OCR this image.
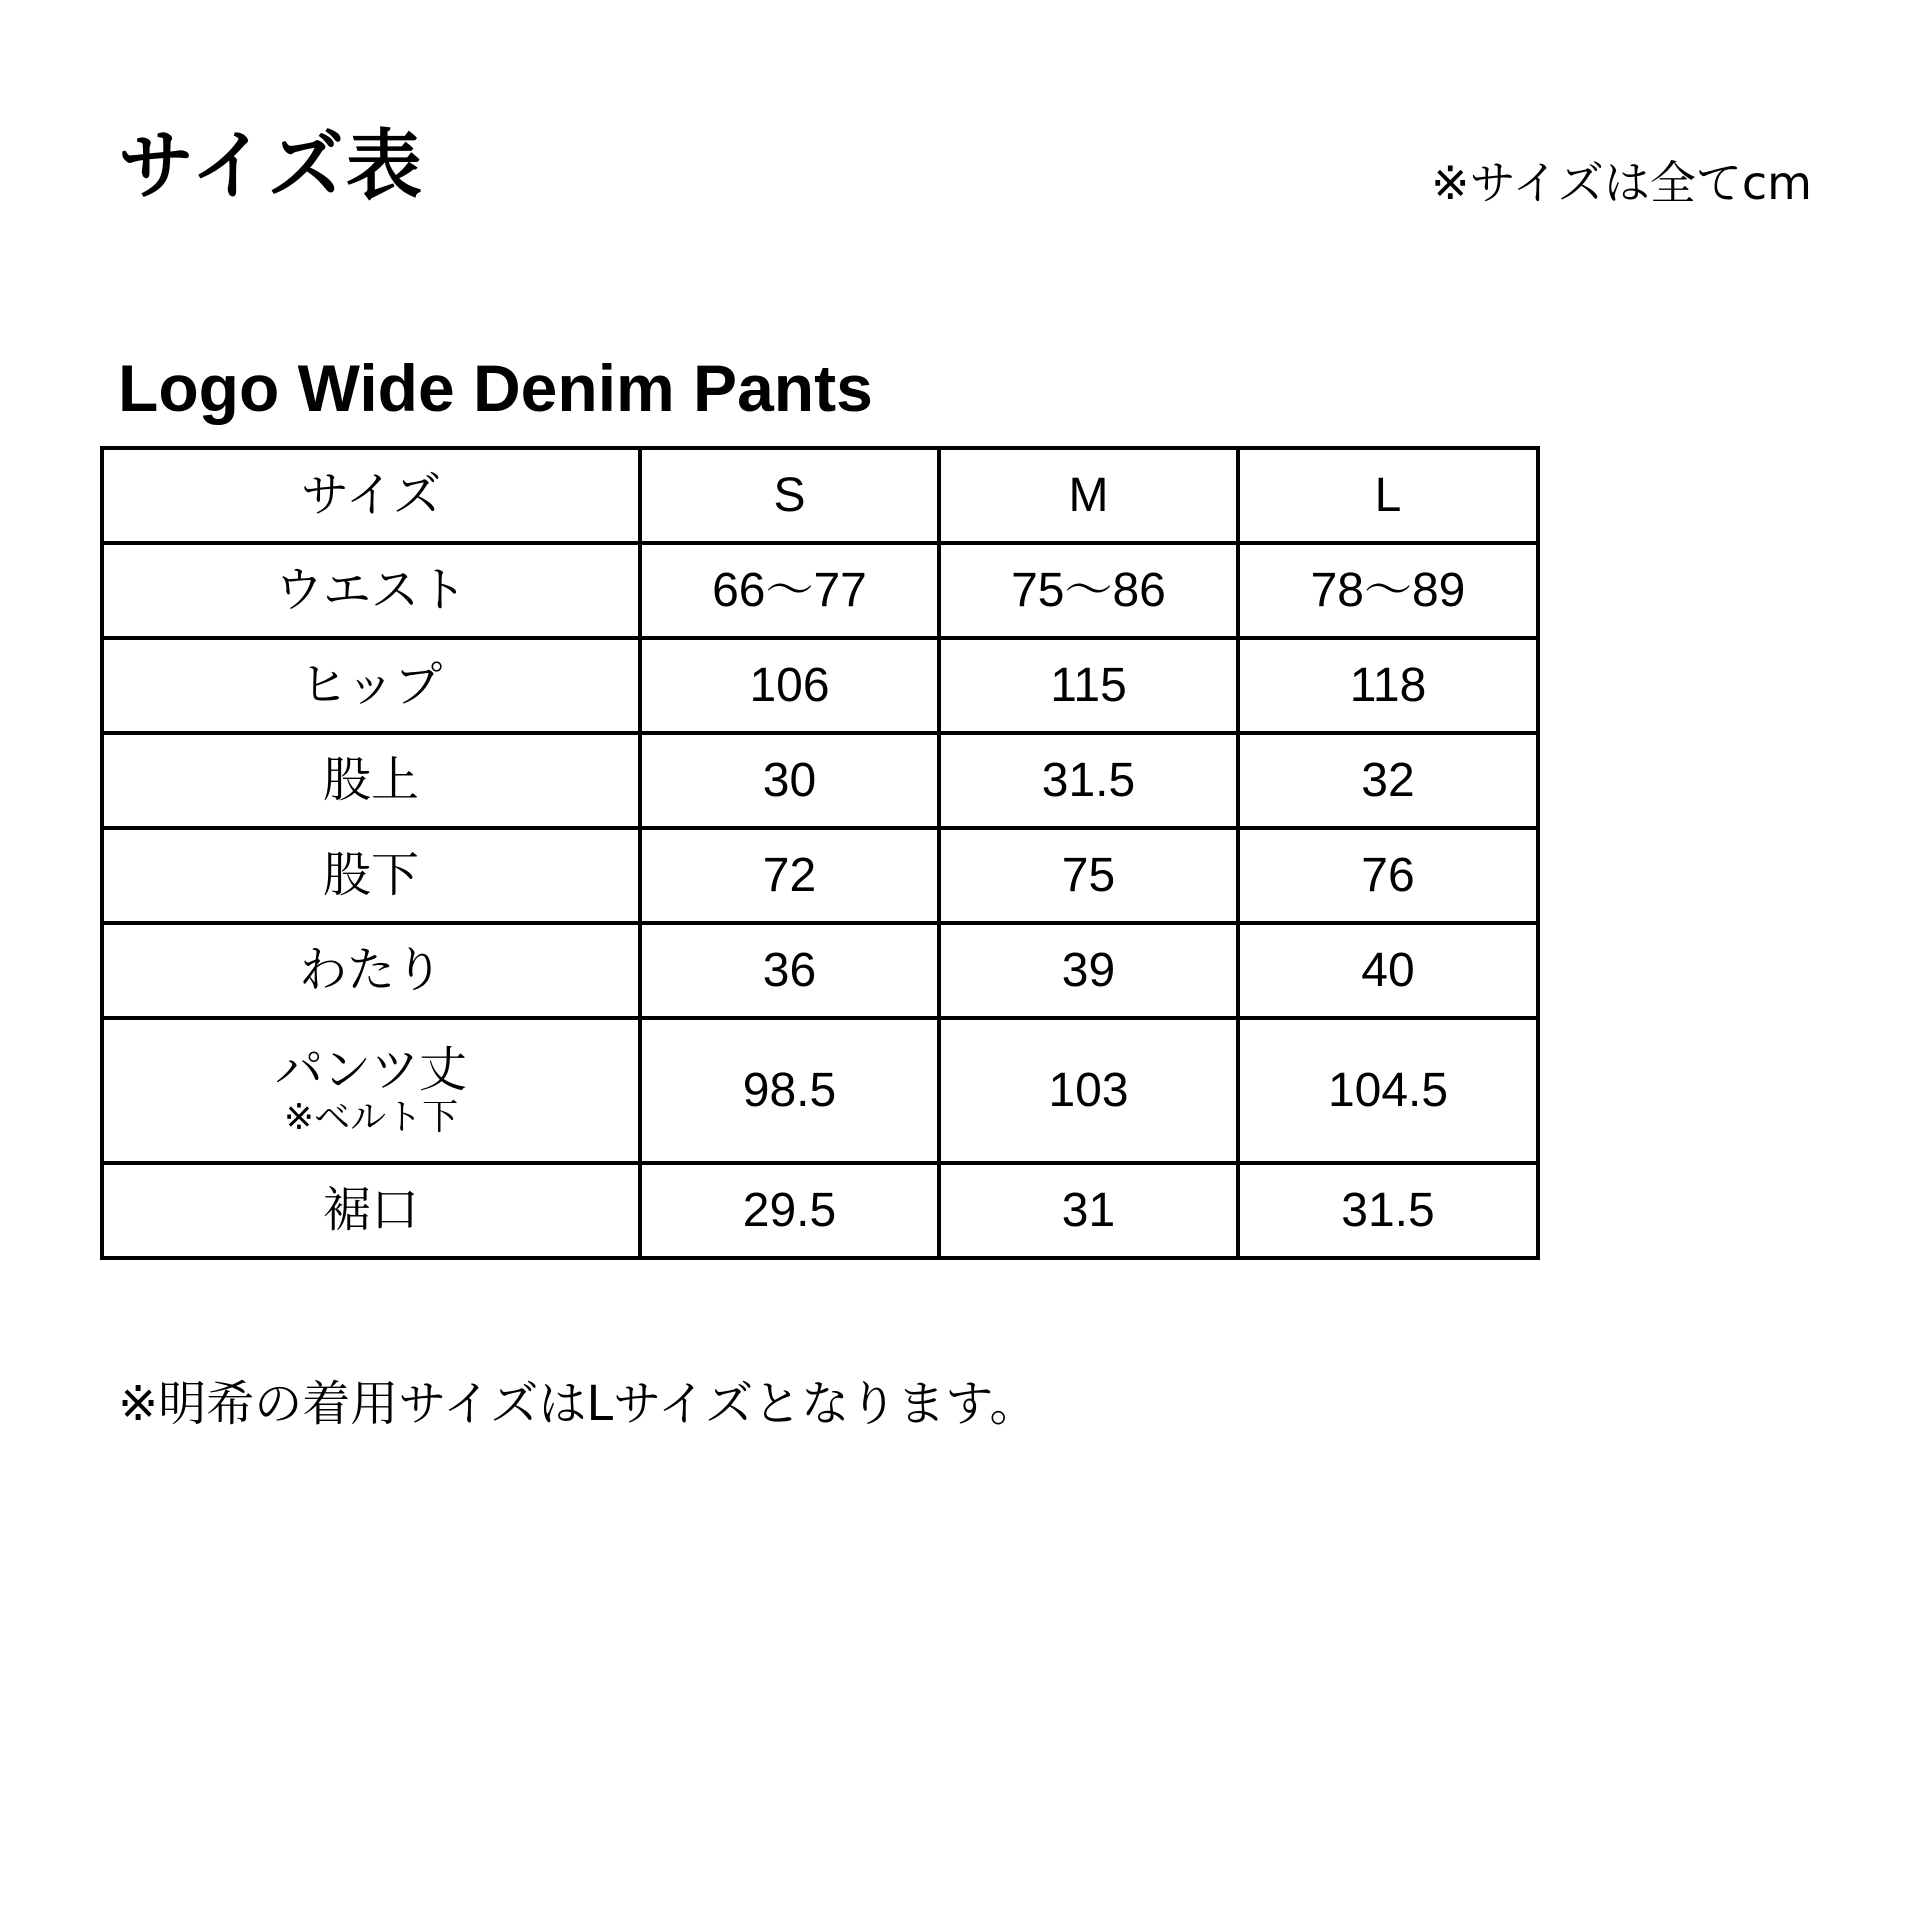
サイズ表	※サイズは全てcm
Logo Wide Denim Pants
サイズ	S	M	L
ウエスト	66～77	75～86	78～89
ヒップ	106	115	118
股上	30	31.5	32
股下	72	75	76
わたり	36	39	40
パンツ丈
※ベルト下	98.5	103	104.5
裾口	29.5	31	31.5
※明希の着用サイズはLサイズとなります。
